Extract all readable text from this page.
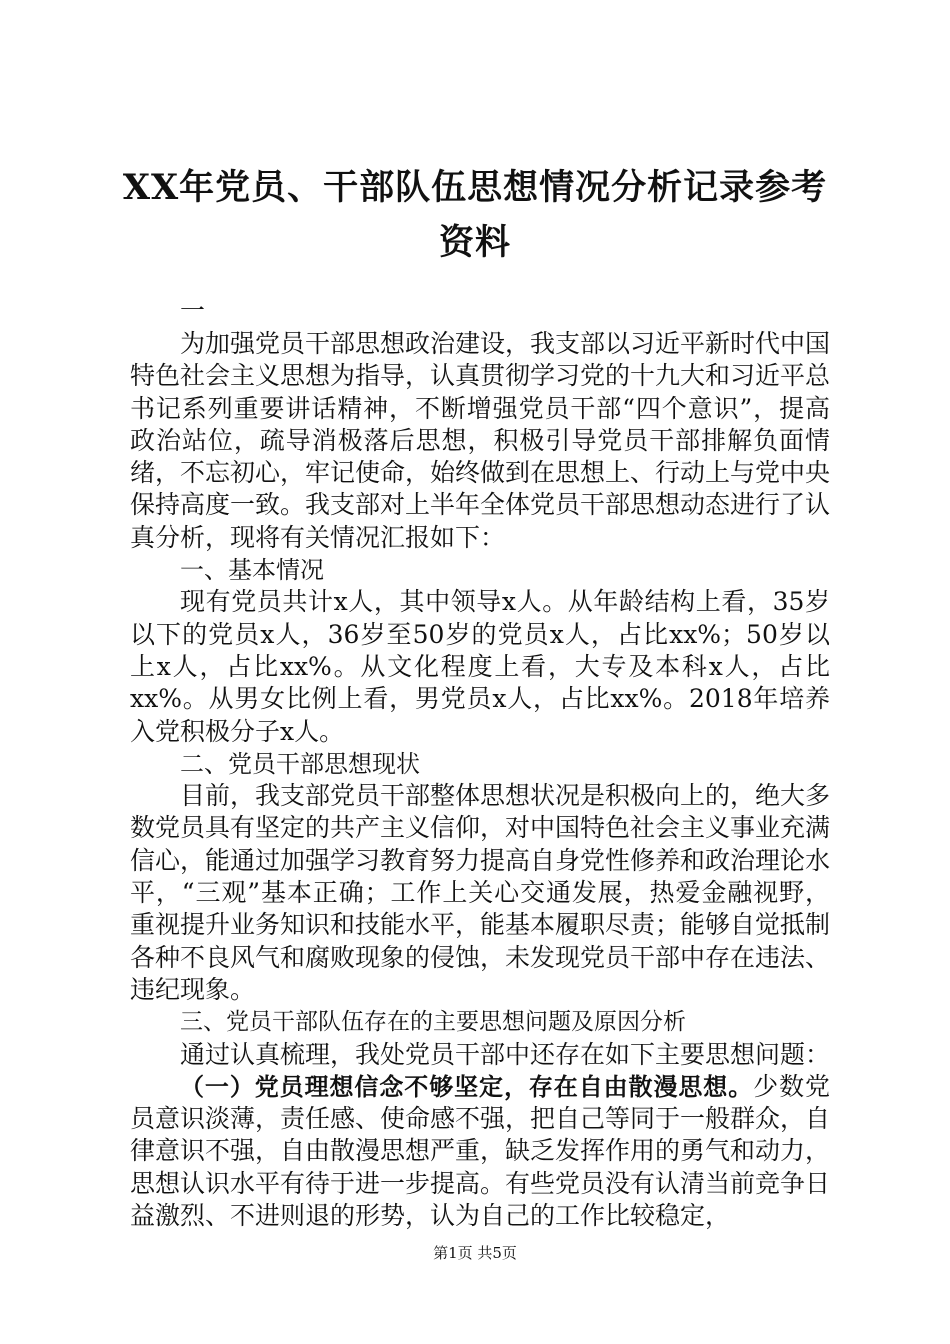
XX年党员、干部队伍思想情况分析记录参考
资料
一

为加强党员干部思想政治建设，我支部以习近平新时代中国特色社会主义思想为指导，认真贯彻学习党的十九大和习近平总书记系列重要讲话精神，不断增强党员干部“四个意识”，提高政治站位，疏导消极落后思想，积极引导党员干部排解负面情绪，不忘初心，牢记使命，始终做到在思想上、行动上与党中央保持高度一致。我支部对上半年全体党员干部思想动态进行了认真分析，现将有关情况汇报如下：

一、基本情况

现有党员共计x人，其中领导x人。从年龄结构上看，35岁以下的党员x人，36岁至50岁的党员x人，占比xx%；50岁以上x人，占比xx%。从文化程度上看，大专及本科x人，占比xx%。从男女比例上看，男党员x人，占比xx%。2018年培养入党积极分子x人。

二、党员干部思想现状

目前，我支部党员干部整体思想状况是积极向上的，绝大多数党员具有坚定的共产主义信仰，对中国特色社会主义事业充满信心，能通过加强学习教育努力提高自身党性修养和政治理论水平，“三观”基本正确；工作上关心交通发展，热爱金融视野，重视提升业务知识和技能水平，能基本履职尽责；能够自觉抵制各种不良风气和腐败现象的侵蚀，未发现党员干部中存在违法、违纪现象。

三、党员干部队伍存在的主要思想问题及原因分析

通过认真梳理，我处党员干部中还存在如下主要思想问题：

（一）党员理想信念不够坚定，存在自由散漫思想。少数党员意识淡薄，责任感、使命感不强，把自己等同于一般群众，自律意识不强，自由散漫思想严重，缺乏发挥作用的勇气和动力，思想认识水平有待于进一步提高。有些党员没有认清当前竞争日益激烈、不进则退的形势，认为自己的工作比较稳定，

第1页 共5页
